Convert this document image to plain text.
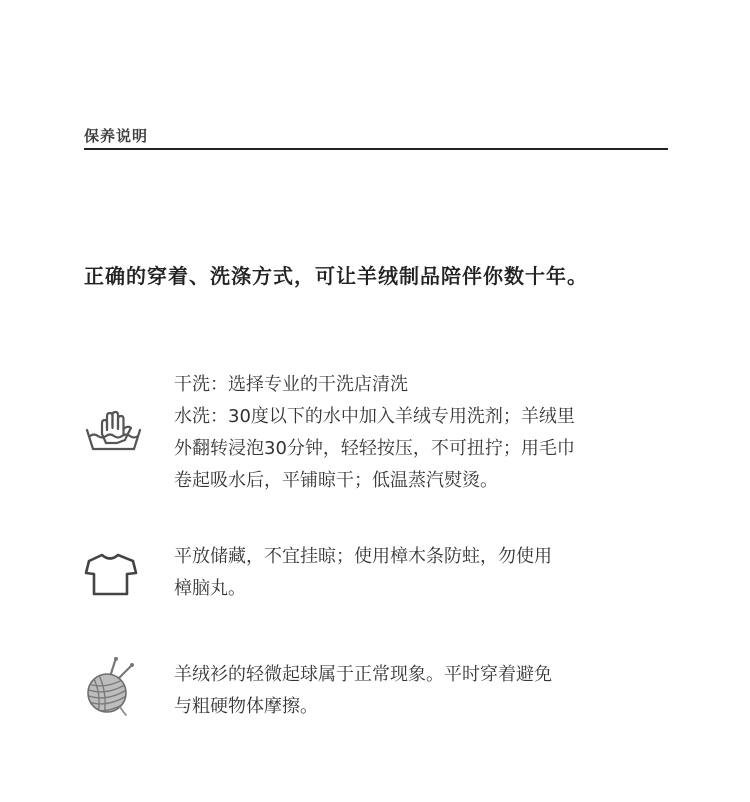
保养说明
正确的穿着、洗涤方式，可让羊绒制品陪伴你数十年。

干洗：选择专业的干洗店清洗

水洗：30度以下的水中加入羊绒专用洗剂；羊绒里

外翻转浸泡30分钟，轻轻按压，不可扭拧；用毛巾

卷起吸水后，平铺晾干；低温蒸汽熨烫。

平放储藏，不宜挂晾；使用樟木条防蛀，勿使用

樟脑丸。

羊绒衫的轻微起球属于正常现象。平时穿着避免

与粗硬物体摩擦。
